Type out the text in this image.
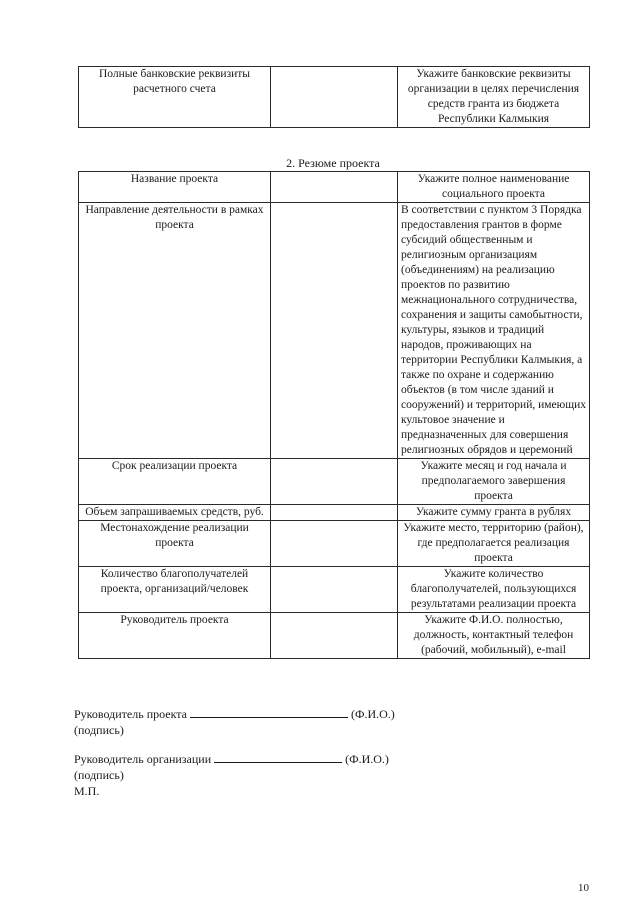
Полные банковские реквизиты расчетного счета		Укажите банковские реквизиты организации в целях перечисления средств гранта из бюджета Республики Калмыкия
2. Резюме проекта
Название проекта		Укажите полное наименование социального проекта
Направление деятельности в рамках проекта		В соответствии с пунктом 3 Порядка предоставления грантов в форме субсидий общественным и религиозным организациям (объединениям) на реализацию проектов по развитию межнационального сотрудничества, сохранения и защиты самобытности, культуры, языков и традиций народов, проживающих на территории Республики Калмыкия, а также по охране и содержанию объектов (в том числе зданий и сооружений) и территорий, имеющих культовое значение и предназначенных для совершения религиозных обрядов и церемоний
Срок реализации проекта		Укажите месяц и год начала и предполагаемого завершения проекта
Объем запрашиваемых средств, руб.		Укажите сумму гранта в рублях
Местонахождение реализации проекта		Укажите место, территорию (район), где предполагается реализация проекта
Количество благополучателей проекта, организаций/человек		Укажите количество благополучателей, пользующихся результатами реализации проекта
Руководитель проекта		Укажите Ф.И.О. полностью, должность, контактный телефон (рабочий, мобильный), e-mail
Руководитель проекта	(Ф.И.О.)
(подпись)
Руководитель организации	(Ф.И.О.)
(подпись)
М.П.
10
